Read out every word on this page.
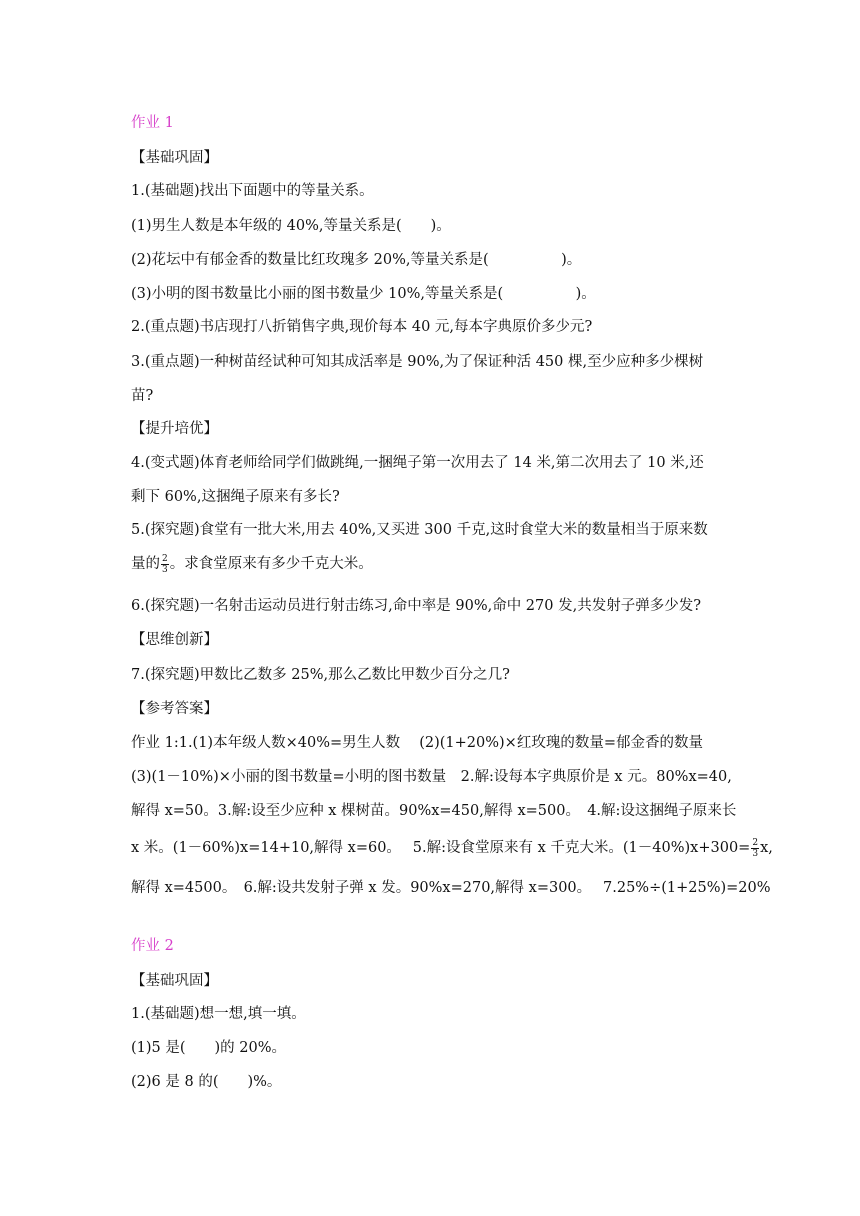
作业 1
【基础巩固】
1.(基础题)找出下面题中的等量关系。
(1)男生人数是本年级的 40%,等量关系是(　　)。
(2)花坛中有郁金香的数量比红玫瑰多 20%,等量关系是(　　　　　)。
(3)小明的图书数量比小丽的图书数量少 10%,等量关系是(　　　　　)。
2.(重点题)书店现打八折销售字典,现价每本 40 元,每本字典原价多少元?
3.(重点题)一种树苗经试种可知其成活率是 90%,为了保证种活 450 棵,至少应种多少棵树
苗?
【提升培优】
4.(变式题)体育老师给同学们做跳绳,一捆绳子第一次用去了 14 米,第二次用去了 10 米,还
剩下 60%,这捆绳子原来有多长?
5.(探究题)食堂有一批大米,用去 40%,又买进 300 千克,这时食堂大米的数量相当于原来数
量的 $\frac{2}{3}$ 。求食堂原来有多少千克大米。
6.(探究题)一名射击运动员进行射击练习,命中率是 90%,命中 270 发,共发射子弹多少发?
【思维创新】
7.(探究题)甲数比乙数多 25%,那么乙数比甲数少百分之几?
【参考答案】
作业 1:1.(1)本年级人数×40%=男生人数　 (2)(1+20%)×红玫瑰的数量=郁金香的数量
(3)(1－10%)×小丽的图书数量=小明的图书数量　2.解:设每本字典原价是 x 元。80%x=40,
解得 x=50。3.解:设至少应种 x 棵树苗。90%x=450,解得 x=500。　4.解:设这捆绳子原来长
x 米。(1－60%)x=14+10,解得 x=60。　 5.解:设食堂原来有 x 千克大米。$(1-40\%)x+300= \frac{2}{3} x$,
解得 x=4500。　6.解:设共发射子弹 x 发。90%x=270,解得 x=300。　 7.25%÷(1+25%)=20%
作业 2
【基础巩固】
1.(基础题)想一想,填一填。
(1)5 是(　　)的 20%。
(2)6 是 8 的(　　)%。
